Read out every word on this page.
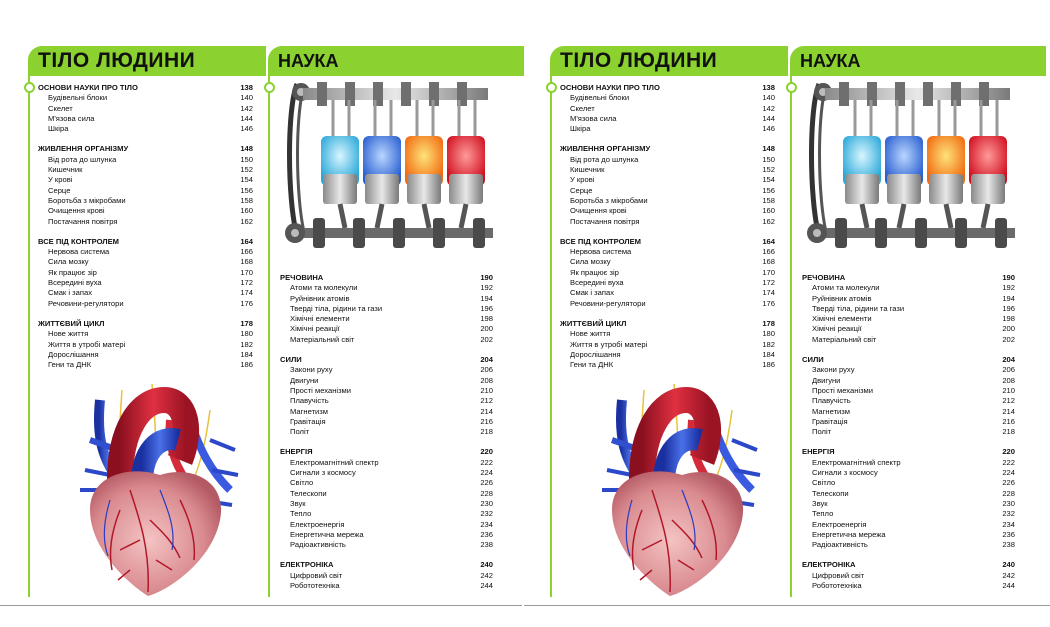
ТІЛО ЛЮДИНИ	НАУКА
ОСНОВИ НАУКИ ПРО ТІЛО	138
Будівельні блоки	140
Скелет	142
М'язова сила	144
Шкіра	146
ЖИВЛЕННЯ ОРГАНІЗМУ	148
Від рота до шлунка	150
Кишечник	152
У крові	154
Серце	156
Боротьба з мікробами	158
Очищення крові	160
Постачання повітря	162
ВСЕ ПІД КОНТРОЛЕМ	164
Нервова система	166
Сила мозку	168
Як працює зір	170
Всередині вуха	172
Смак і запах	174
Речовини-регулятори	176
ЖИТТЄВИЙ ЦИКЛ	178
Нове життя	180
Життя в утробі матері	182
Дорослішання	184
Гени та ДНК	186
РЕЧОВИНА	190
Атоми та молекули	192
Руйнівник атомів	194
Тверді тіла, рідини та гази	196
Хімічні елементи	198
Хімічні реакції	200
Матеріальний світ	202
СИЛИ	204
Закони руху	206
Двигуни	208
Прості механізми	210
Плавучість	212
Магнетизм	214
Гравітація	216
Політ	218
ЕНЕРГІЯ	220
Електромагнітний спектр	222
Сигнали з космосу	224
Світло	226
Телескопи	228
Звук	230
Тепло	232
Електроенергія	234
Енергетична мережа	236
Радіоактивність	238
ЕЛЕКТРОНІКА	240
Цифровий світ	242
Робототехніка	244
ТІЛО ЛЮДИНИ	НАУКА
ОСНОВИ НАУКИ ПРО ТІЛО	138
Будівельні блоки	140
Скелет	142
М'язова сила	144
Шкіра	146
ЖИВЛЕННЯ ОРГАНІЗМУ	148
Від рота до шлунка	150
Кишечник	152
У крові	154
Серце	156
Боротьба з мікробами	158
Очищення крові	160
Постачання повітря	162
ВСЕ ПІД КОНТРОЛЕМ	164
Нервова система	166
Сила мозку	168
Як працює зір	170
Всередині вуха	172
Смак і запах	174
Речовини-регулятори	176
ЖИТТЄВИЙ ЦИКЛ	178
Нове життя	180
Життя в утробі матері	182
Дорослішання	184
Гени та ДНК	186
РЕЧОВИНА	190
Атоми та молекули	192
Руйнівник атомів	194
Тверді тіла, рідини та гази	196
Хімічні елементи	198
Хімічні реакції	200
Матеріальний світ	202
СИЛИ	204
Закони руху	206
Двигуни	208
Прості механізми	210
Плавучість	212
Магнетизм	214
Гравітація	216
Політ	218
ЕНЕРГІЯ	220
Електромагнітний спектр	222
Сигнали з космосу	224
Світло	226
Телескопи	228
Звук	230
Тепло	232
Електроенергія	234
Енергетична мережа	236
Радіоактивність	238
ЕЛЕКТРОНІКА	240
Цифровий світ	242
Робототехніка	244
